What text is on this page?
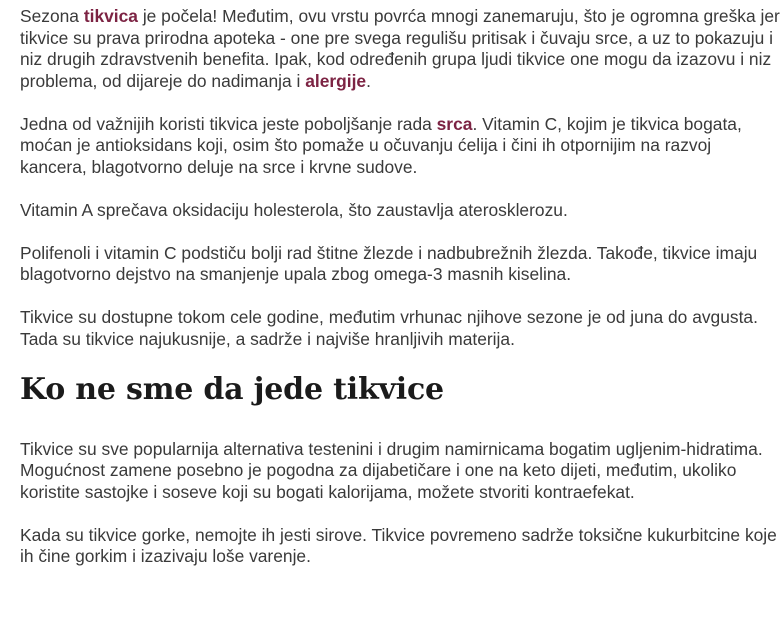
Sezona tikvica je počela! Međutim, ovu vrstu povrća mnogi zanemaruju, što je ogromna greška jer tikvice su prava prirodna apoteka - one pre svega regulišu pritisak i čuvaju srce, a uz to pokazuju i niz drugih zdravstvenih benefita. Ipak, kod određenih grupa ljudi tikvice one mogu da izazovu i niz problema, od dijareje do nadimanja i alergije.

Jedna od važnijih koristi tikvica jeste poboljšanje rada srca. Vitamin C, kojim je tikvica bogata, moćan je antioksidans koji, osim što pomaže u očuvanju ćelija i čini ih otpornijim na razvoj kancera, blagotvorno deluje na srce i krvne sudove.

Vitamin A sprečava oksidaciju holesterola, što zaustavlja aterosklerozu.

Polifenoli i vitamin C podstiču bolji rad štitne žlezde i nadbubrežnih žlezda. Takođe, tikvice imaju blagotvorno dejstvo na smanjenje upala zbog omega-3 masnih kiselina.

Tikvice su dostupne tokom cele godine, međutim vrhunac njihove sezone je od juna do avgusta. Tada su tikvice najukusnije, a sadrže i najviše hranljivih materija.

Ko ne sme da jede tikvice

Tikvice su sve popularnija alternativa testenini i drugim namirnicama bogatim ugljenim-hidratima. Mogućnost zamene posebno je pogodna za dijabetičare i one na keto dijeti, međutim, ukoliko koristite sastojke i soseve koji su bogati kalorijama, možete stvoriti kontraefekat.

Kada su tikvice gorke, nemojte ih jesti sirove. Tikvice povremeno sadrže toksične kukurbitcine koje ih čine gorkim i izazivaju loše varenje.
